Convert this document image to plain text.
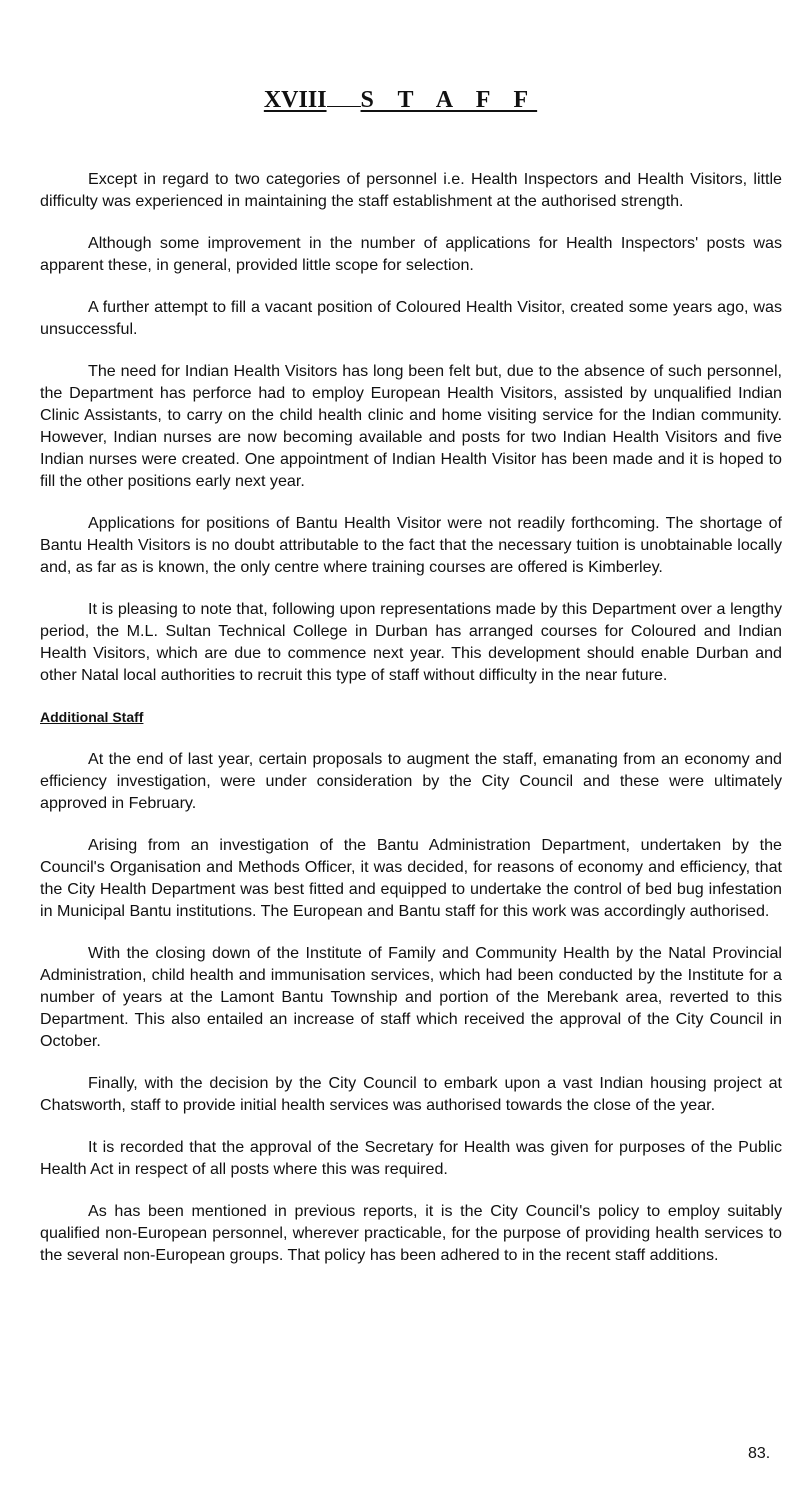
XVIII S T A F F

Except in regard to two categories of personnel i.e. Health Inspectors and Health Visitors, little difficulty was experienced in maintaining the staff establishment at the authorised strength.

Although some improvement in the number of applications for Health Inspectors' posts was apparent these, in general, provided little scope for selection.

A further attempt to fill a vacant position of Coloured Health Visitor, created some years ago, was unsuccessful.

The need for Indian Health Visitors has long been felt but, due to the absence of such personnel, the Department has perforce had to employ European Health Visitors, assisted by unqualified Indian Clinic Assistants, to carry on the child health clinic and home visiting service for the Indian community. However, Indian nurses are now becoming available and posts for two Indian Health Visitors and five Indian nurses were created. One appointment of Indian Health Visitor has been made and it is hoped to fill the other positions early next year.

Applications for positions of Bantu Health Visitor were not readily forthcoming. The shortage of Bantu Health Visitors is no doubt attributable to the fact that the necessary tuition is unobtainable locally and, as far as is known, the only centre where training courses are offered is Kimberley.

It is pleasing to note that, following upon representations made by this Department over a lengthy period, the M.L. Sultan Technical College in Durban has arranged courses for Coloured and Indian Health Visitors, which are due to commence next year. This development should enable Durban and other Natal local authorities to recruit this type of staff without difficulty in the near future.

Additional Staff

At the end of last year, certain proposals to augment the staff, emanating from an economy and efficiency investigation, were under consideration by the City Council and these were ultimately approved in February.

Arising from an investigation of the Bantu Administration Department, undertaken by the Council's Organisation and Methods Officer, it was decided, for reasons of economy and efficiency, that the City Health Department was best fitted and equipped to undertake the control of bed bug infestation in Municipal Bantu institutions. The European and Bantu staff for this work was accordingly authorised.

With the closing down of the Institute of Family and Community Health by the Natal Provincial Administration, child health and immunisation services, which had been conducted by the Institute for a number of years at the Lamont Bantu Township and portion of the Merebank area, reverted to this Department. This also entailed an increase of staff which received the approval of the City Council in October.

Finally, with the decision by the City Council to embark upon a vast Indian housing project at Chatsworth, staff to provide initial health services was authorised towards the close of the year.

It is recorded that the approval of the Secretary for Health was given for purposes of the Public Health Act in respect of all posts where this was required.

As has been mentioned in previous reports, it is the City Council's policy to employ suitably qualified non-European personnel, wherever practicable, for the purpose of providing health services to the several non-European groups. That policy has been adhered to in the recent staff additions.

83.
